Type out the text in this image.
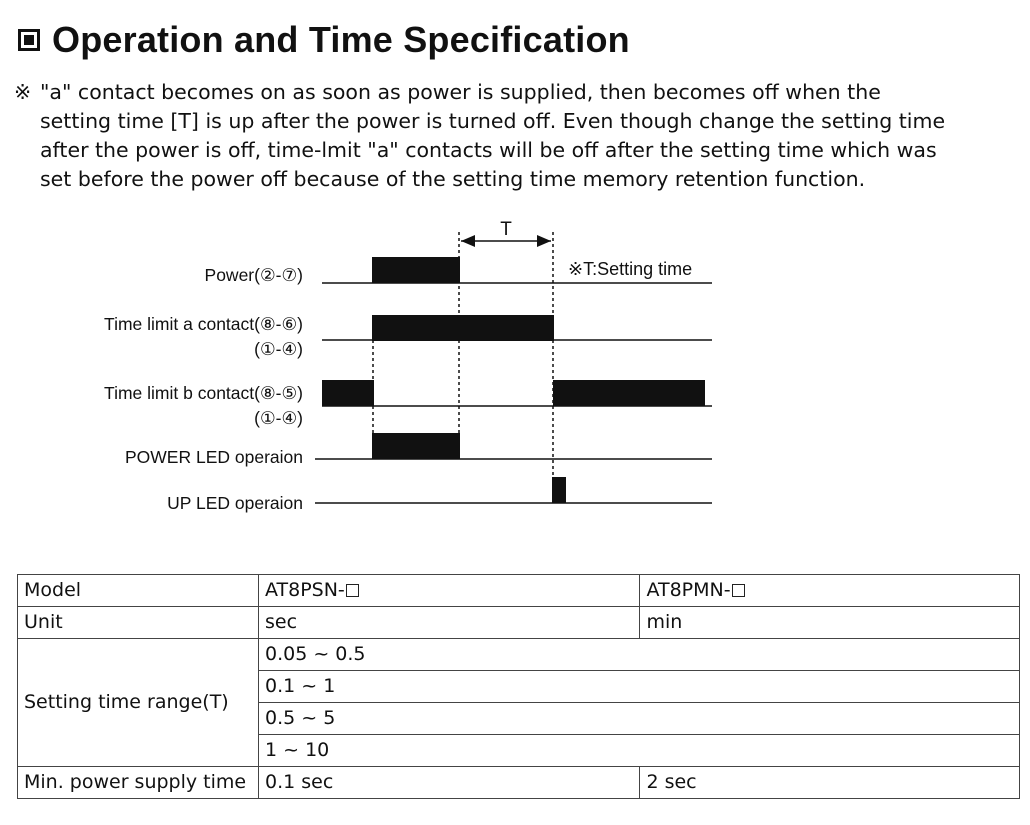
Operation and Time Specification
※ "a" contact becomes on as soon as power is supplied, then becomes off when the
setting time [T] is up after the power is turned off. Even though change the setting time
after the power is off, time-lmit "a" contacts will be off after the setting time which was
set before the power off because of the setting time memory retention function.
T
※T:Setting time
Power(②-⑦)
Time limit a contact(⑧-⑥)
(①-④)
Time limit b contact(⑧-⑤)
(①-④)
POWER LED operaion
UP LED operaion
Model	AT8PSN-	AT8PMN-
Unit	sec	min
Setting time range(T)	0.05 ~ 0.5	
	0.1 ~ 1	
	0.5 ~ 5	
	1 ~ 10	
Min. power supply time	0.1 sec	2 sec
